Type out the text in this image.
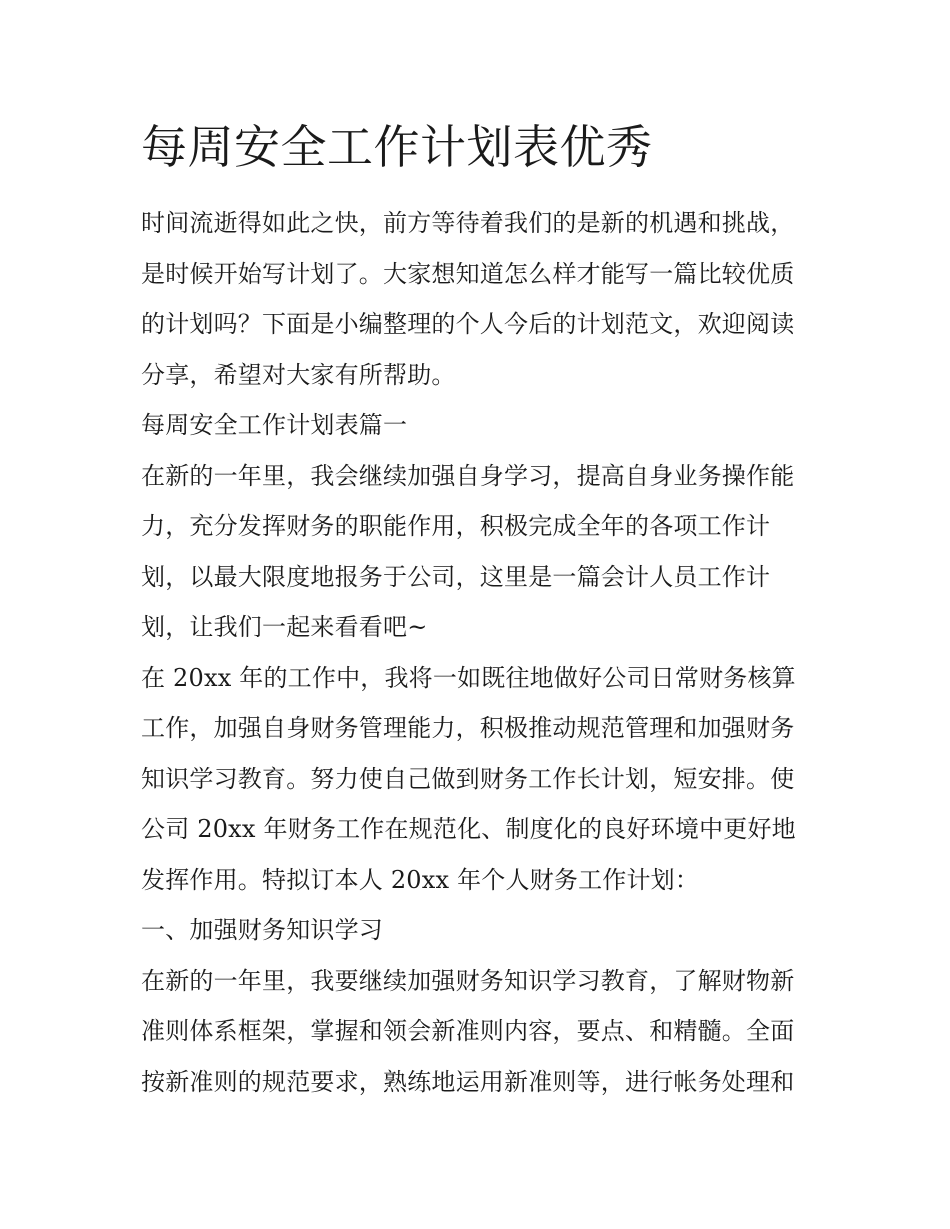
每周安全工作计划表优秀
时间流逝得如此之快，前方等待着我们的是新的机遇和挑战，
是时候开始写计划了。大家想知道怎么样才能写一篇比较优质
的计划吗？下面是小编整理的个人今后的计划范文，欢迎阅读
分享，希望对大家有所帮助。
每周安全工作计划表篇一
在新的一年里，我会继续加强自身学习，提高自身业务操作能
力，充分发挥财务的职能作用，积极完成全年的各项工作计
划，以最大限度地报务于公司，这里是一篇会计人员工作计
划，让我们一起来看看吧~
在 20xx 年的工作中，我将一如既往地做好公司日常财务核算
工作，加强自身财务管理能力，积极推动规范管理和加强财务
知识学习教育。努力使自己做到财务工作长计划，短安排。使
公司 20xx 年财务工作在规范化、制度化的良好环境中更好地
发挥作用。特拟订本人 20xx 年个人财务工作计划：
一、加强财务知识学习
在新的一年里，我要继续加强财务知识学习教育，了解财物新
准则体系框架，掌握和领会新准则内容，要点、和精髓。全面
按新准则的规范要求，熟练地运用新准则等，进行帐务处理和
